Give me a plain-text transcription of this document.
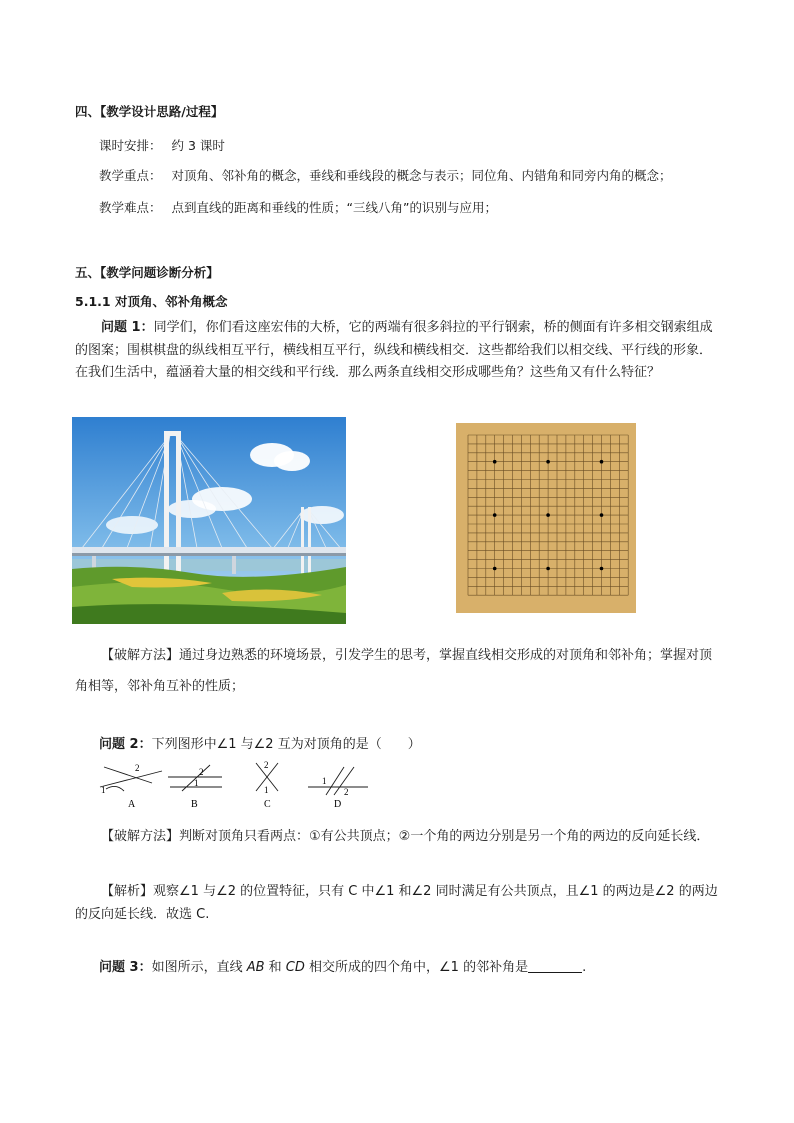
四、【教学设计思路/过程】
课时安排： 约 3 课时
教学重点： 对顶角、邻补角的概念，垂线和垂线段的概念与表示；同位角、内错角和同旁内角的概念；
教学难点： 点到直线的距离和垂线的性质；“三线八角”的识别与应用；
五、【教学问题诊断分析】
5.1.1 对顶角、邻补角概念
问题 1：同学们，你们看这座宏伟的大桥，它的两端有很多斜拉的平行钢索，桥的侧面有许多相交钢索组成的图案；围棋棋盘的纵线相互平行，横线相互平行，纵线和横线相交．这些都给我们以相交线、平行线的形象．在我们生活中，蕴涵着大量的相交线和平行线．那么两条直线相交形成哪些角？这些角又有什么特征？
【破解方法】通过身边熟悉的环境场景，引发学生的思考，掌握直线相交形成的对顶角和邻补角；掌握对顶角相等，邻补角互补的性质；
问题 2：下列图形中∠1 与∠2 互为对顶角的是（　　）
2
1
2
1
2
1
1
2
A	B	C	D
【破解方法】判断对顶角只看两点：①有公共顶点；②一个角的两边分别是另一个角的两边的反向延长线．
【解析】观察∠1 与∠2 的位置特征，只有 C 中∠1 和∠2 同时满足有公共顶点，且∠1 的两边是∠2 的两边的反向延长线．故选 C.
问题 3：如图所示，直线 AB 和 CD 相交所成的四个角中，∠1 的邻补角是	.
